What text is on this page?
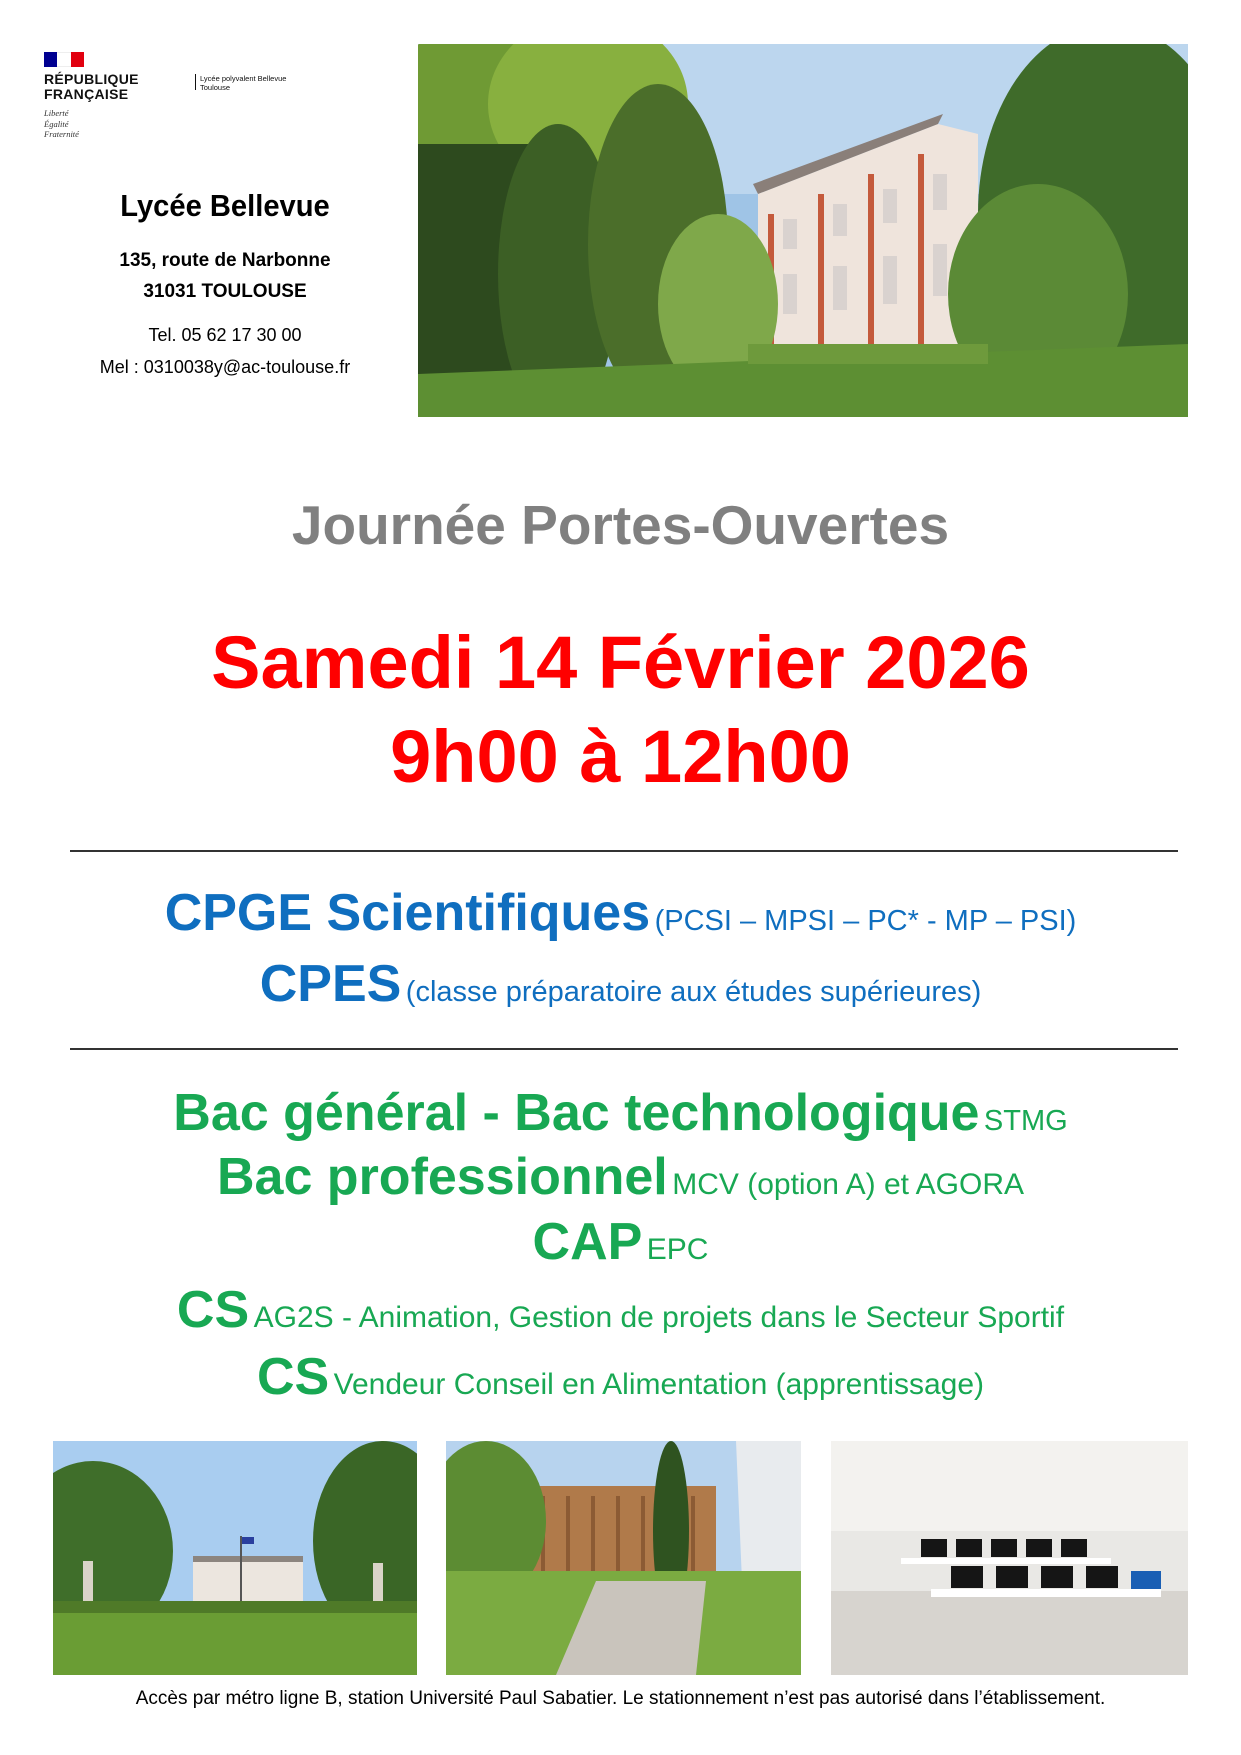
RÉPUBLIQUE
FRANÇAISE
Liberté
Égalité
Fraternité
Lycée polyvalent Bellevue
Toulouse
Lycée Bellevue
135, route de Narbonne
31031 TOULOUSE
Tel. 05 62 17 30 00
Mel : 0310038y@ac-toulouse.fr
Journée Portes-Ouvertes
Samedi 14 Février 2026
9h00 à 12h00
CPGE Scientifiques (PCSI – MPSI – PC* - MP – PSI)
CPES (classe préparatoire aux études supérieures)
Bac général - Bac technologique STMG
Bac professionnel MCV (option A) et AGORA
CAP EPC
CS AG2S - Animation, Gestion de projets dans le Secteur Sportif
CS Vendeur Conseil en Alimentation (apprentissage)
Accès par métro ligne B, station Université Paul Sabatier. Le stationnement n’est pas autorisé dans l’établissement.
